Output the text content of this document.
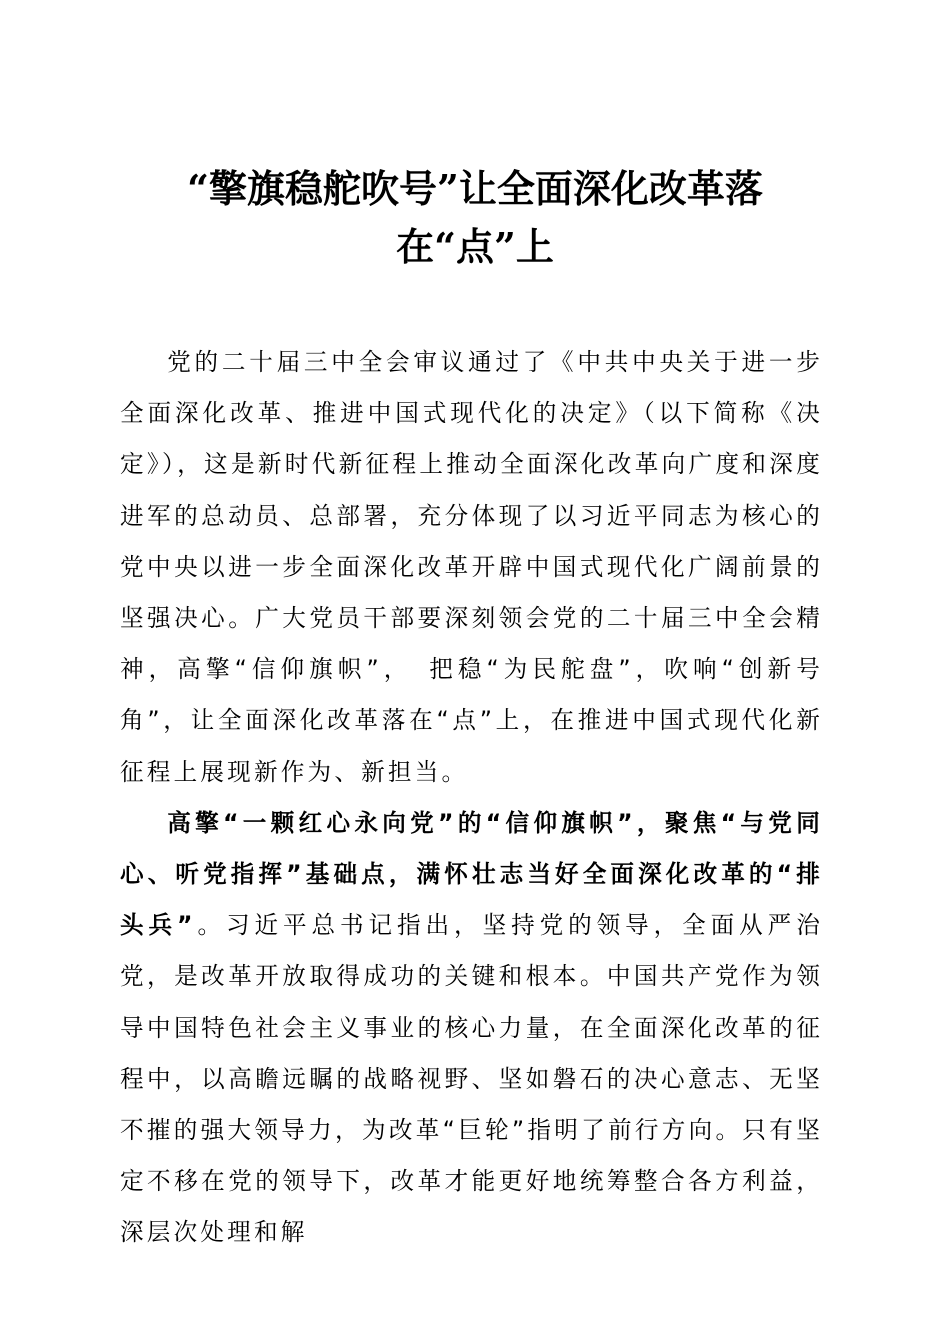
“擎旗稳舵吹号”让全面深化改革落在“点”上

党的二十届三中全会审议通过了《中共中央关于进一步全面深化改革、推进中国式现代化的决定》（以下简称《决定》），这是新时代新征程上推动全面深化改革向广度和深度进军的总动员、总部署，充分体现了以习近平同志为核心的党中央以进一步全面深化改革开辟中国式现代化广阔前景的坚强决心。广大党员干部要深刻领会党的二十届三中全会精神，高擎“信仰旗帜”，　把稳“为民舵盘”，吹响“创新号角”，让全面深化改革落在“点”上，在推进中国式现代化新征程上展现新作为、新担当。

高擎“一颗红心永向党”的“信仰旗帜”，聚焦“与党同心、听党指挥”基础点，满怀壮志当好全面深化改革的“排头兵”。习近平总书记指出，坚持党的领导，全面从严治党，是改革开放取得成功的关键和根本。中国共产党作为领导中国特色社会主义事业的核心力量，在全面深化改革的征程中，以高瞻远瞩的战略视野、坚如磐石的决心意志、无坚不摧的强大领导力，为改革“巨轮”指明了前行方向。只有坚定不移在党的领导下，改革才能更好地统筹整合各方利益，深层次处理和解
